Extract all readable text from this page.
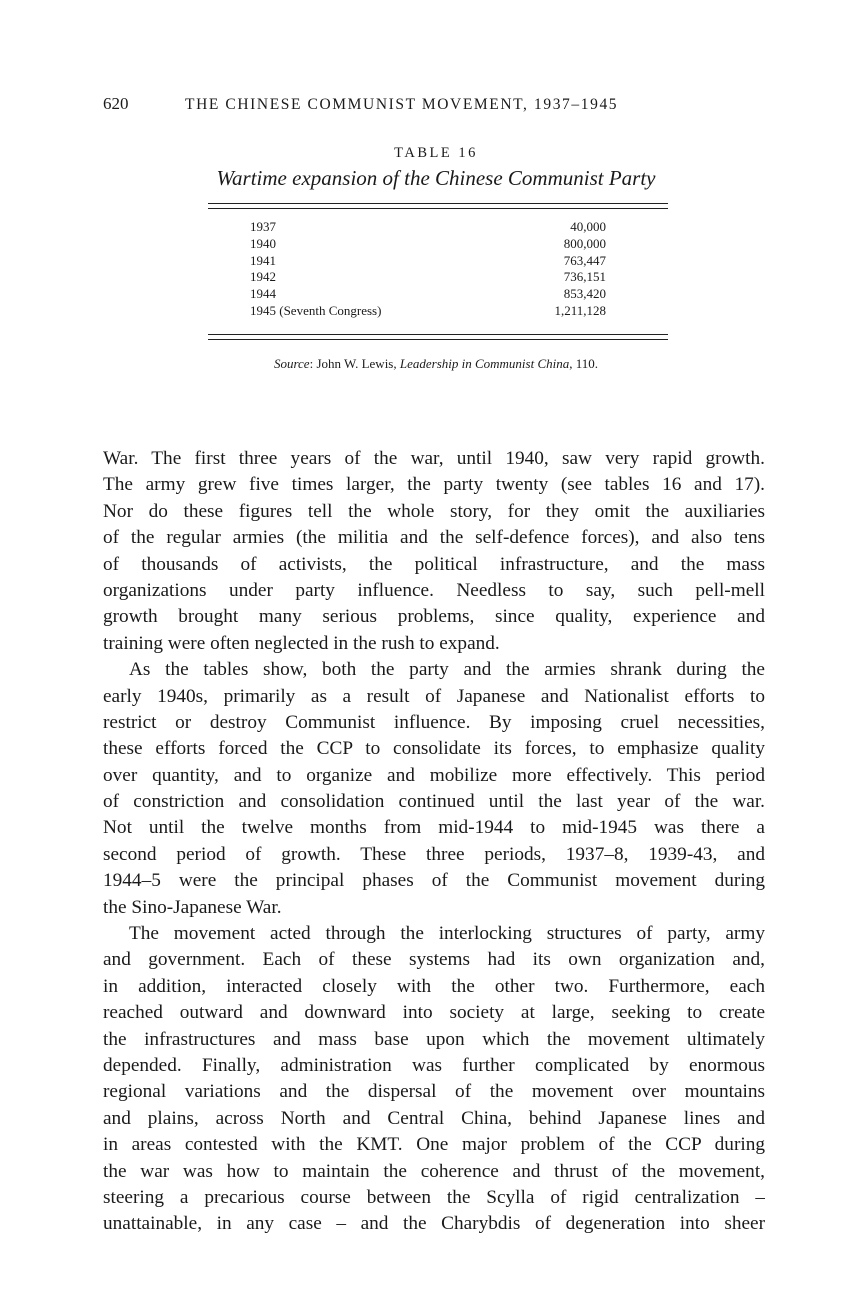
620	THE CHINESE COMMUNIST MOVEMENT, 1937–1945
TABLE 16
Wartime expansion of the Chinese Communist Party
1937	40,000
1940	800,000
1941	763,447
1942	736,151
1944	853,420
1945 (Seventh Congress)	1,211,128
Source: John W. Lewis, Leadership in Communist China, 110.

War. The first three years of the war, until 1940, saw very rapid growth.
The army grew five times larger, the party twenty (see tables 16 and 17).
Nor do these figures tell the whole story, for they omit the auxiliaries
of the regular armies (the militia and the self-defence forces), and also tens
of thousands of activists, the political infrastructure, and the mass
organizations under party influence. Needless to say, such pell-mell
growth brought many serious problems, since quality, experience and
training were often neglected in the rush to expand.

As the tables show, both the party and the armies shrank during the
early 1940s, primarily as a result of Japanese and Nationalist efforts to
restrict or destroy Communist influence. By imposing cruel necessities,
these efforts forced the CCP to consolidate its forces, to emphasize quality
over quantity, and to organize and mobilize more effectively. This period
of constriction and consolidation continued until the last year of the war.
Not until the twelve months from mid-1944 to mid-1945 was there a
second period of growth. These three periods, 1937–8, 1939-43, and
1944–5 were the principal phases of the Communist movement during
the Sino-Japanese War.

The movement acted through the interlocking structures of party, army
and government. Each of these systems had its own organization and,
in addition, interacted closely with the other two. Furthermore, each
reached outward and downward into society at large, seeking to create
the infrastructures and mass base upon which the movement ultimately
depended. Finally, administration was further complicated by enormous
regional variations and the dispersal of the movement over mountains
and plains, across North and Central China, behind Japanese lines and
in areas contested with the KMT. One major problem of the CCP during
the war was how to maintain the coherence and thrust of the movement,
steering a precarious course between the Scylla of rigid centralization –
unattainable, in any case – and the Charybdis of degeneration into sheer
